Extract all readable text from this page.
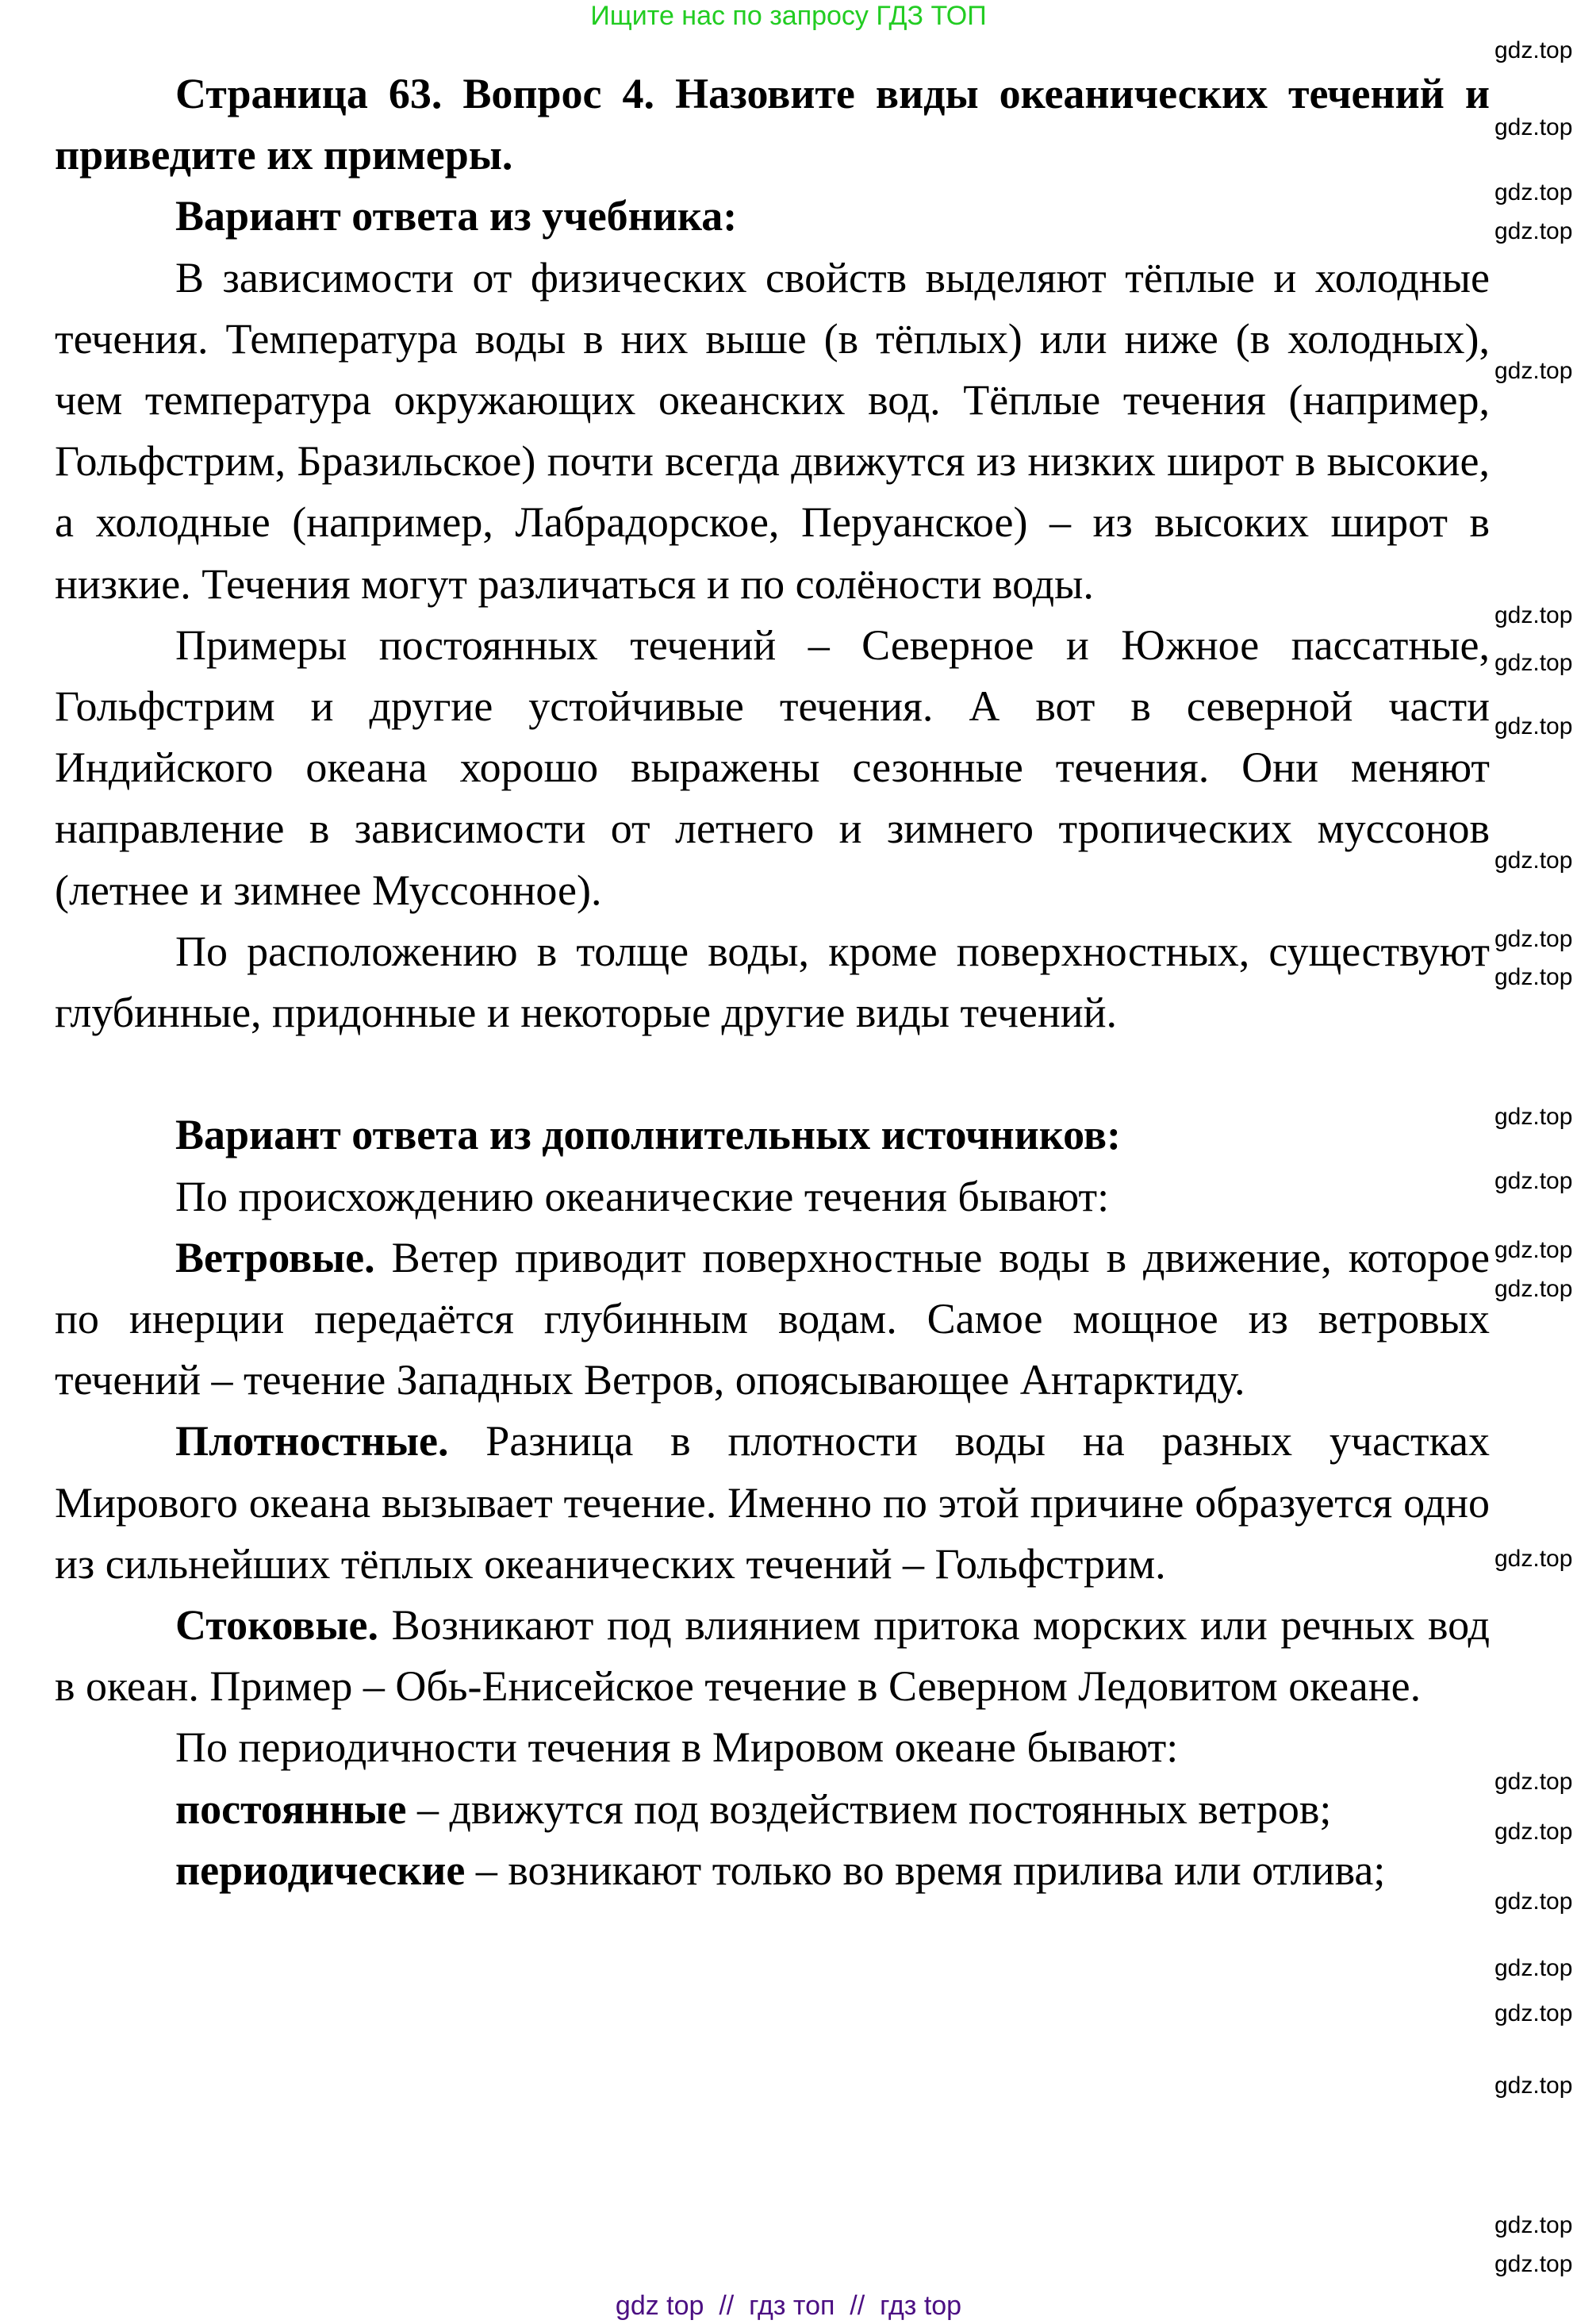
Ищите нас по запросу ГДЗ ТОП

Страница 63. Вопрос 4. Назовите виды океанических течений и приведите их примеры.

Вариант ответа из учебника:

В зависимости от физических свойств выделяют тёплые и холодные течения. Температура воды в них выше (в тёплых) или ниже (в холодных), чем температура окружающих океанских вод. Тёплые течения (например, Гольфстрим, Бразильское) почти всегда движутся из низких широт в высокие, а холодные (например, Лабрадорское, Перуанское) – из высоких широт в низкие. Течения могут различаться и по солёности воды.

Примеры постоянных течений – Северное и Южное пассатные, Гольфстрим и другие устойчивые течения. А вот в северной части Индийского океана хорошо выражены сезонные течения. Они меняют направление в зависимости от летнего и зимнего тропических муссонов (летнее и зимнее Муссонное).

По расположению в толще воды, кроме поверхностных, существуют глубинные, придонные и некоторые другие виды течений.

Вариант ответа из дополнительных источников:

По происхождению океанические течения бывают:

Ветровые. Ветер приводит поверхностные воды в движение, которое по инерции передаётся глубинным водам. Самое мощное из ветровых течений – течение Западных Ветров, опоясывающее Антарктиду.

Плотностные. Разница в плотности воды на разных участках Мирового океана вызывает течение. Именно по этой причине образуется одно из сильнейших тёплых океанических течений – Гольфстрим.

Стоковые. Возникают под влиянием притока морских или речных вод в океан. Пример – Обь-Енисейское течение в Северном Ледовитом океане.

По периодичности течения в Мировом океане бывают:

постоянные – движутся под воздействием постоянных ветров;

периодические – возникают только во время прилива или отлива;

gdz.top
gdz.top
gdz.top
gdz.top
gdz.top
gdz.top
gdz.top
gdz.top
gdz.top
gdz.top
gdz.top
gdz.top
gdz.top
gdz.top
gdz.top
gdz.top
gdz.top
gdz.top
gdz.top
gdz.top
gdz.top
gdz.top
gdz.top
gdz.top
gdz top  //  гдз топ  //  гдз top
